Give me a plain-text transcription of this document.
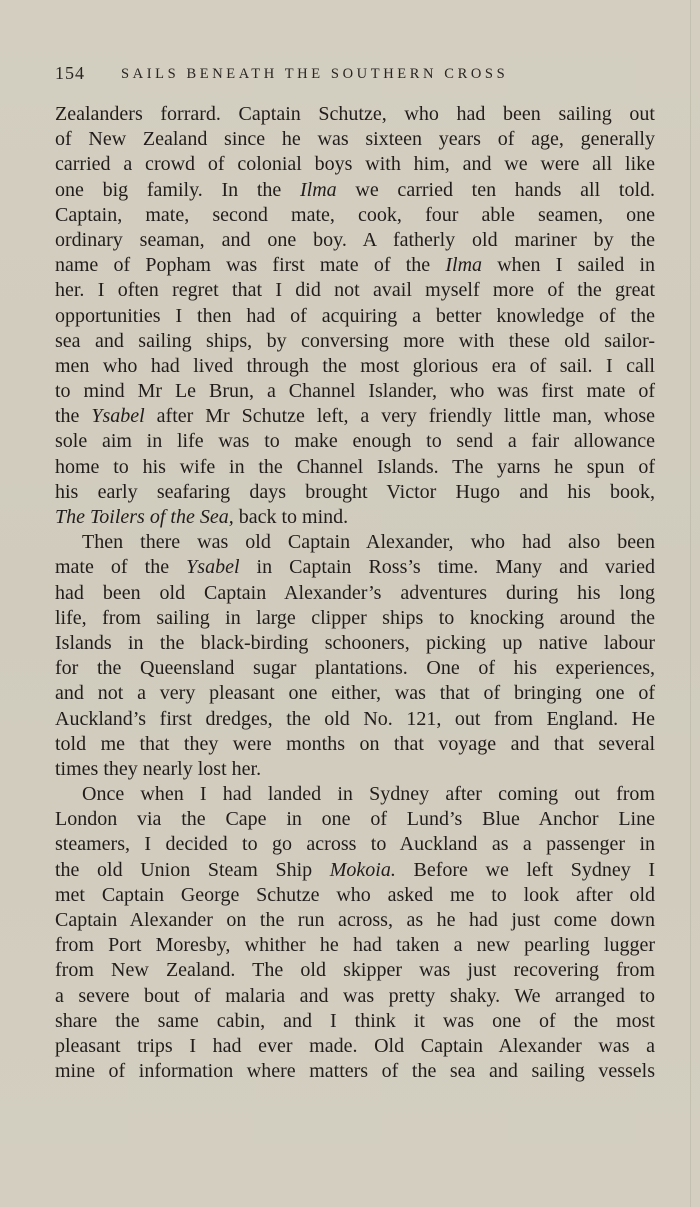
154 SAILS BENEATH THE SOUTHERN CROSS
Zealanders forrard. Captain Schutze, who had been sailing out
of New Zealand since he was sixteen years of age, generally
carried a crowd of colonial boys with him, and we were all like
one big family. In the Ilma we carried ten hands all told.
Captain, mate, second mate, cook, four able seamen, one
ordinary seaman, and one boy. A fatherly old mariner by the
name of Popham was first mate of the Ilma when I sailed in
her. I often regret that I did not avail myself more of the great
opportunities I then had of acquiring a better knowledge of the
sea and sailing ships, by conversing more with these old sailor-
men who had lived through the most glorious era of sail. I call
to mind Mr Le Brun, a Channel Islander, who was first mate of
the Ysabel after Mr Schutze left, a very friendly little man, whose
sole aim in life was to make enough to send a fair allowance
home to his wife in the Channel Islands. The yarns he spun of
his early seafaring days brought Victor Hugo and his book,
The Toilers of the Sea, back to mind.
Then there was old Captain Alexander, who had also been
mate of the Ysabel in Captain Ross’s time. Many and varied
had been old Captain Alexander’s adventures during his long
life, from sailing in large clipper ships to knocking around the
Islands in the black-birding schooners, picking up native labour
for the Queensland sugar plantations. One of his experiences,
and not a very pleasant one either, was that of bringing one of
Auckland’s first dredges, the old No. 121, out from England. He
told me that they were months on that voyage and that several
times they nearly lost her.
Once when I had landed in Sydney after coming out from
London via the Cape in one of Lund’s Blue Anchor Line
steamers, I decided to go across to Auckland as a passenger in
the old Union Steam Ship Mokoia. Before we left Sydney I
met Captain George Schutze who asked me to look after old
Captain Alexander on the run across, as he had just come down
from Port Moresby, whither he had taken a new pearling lugger
from New Zealand. The old skipper was just recovering from
a severe bout of malaria and was pretty shaky. We arranged to
share the same cabin, and I think it was one of the most
pleasant trips I had ever made. Old Captain Alexander was a
mine of information where matters of the sea and sailing vessels
